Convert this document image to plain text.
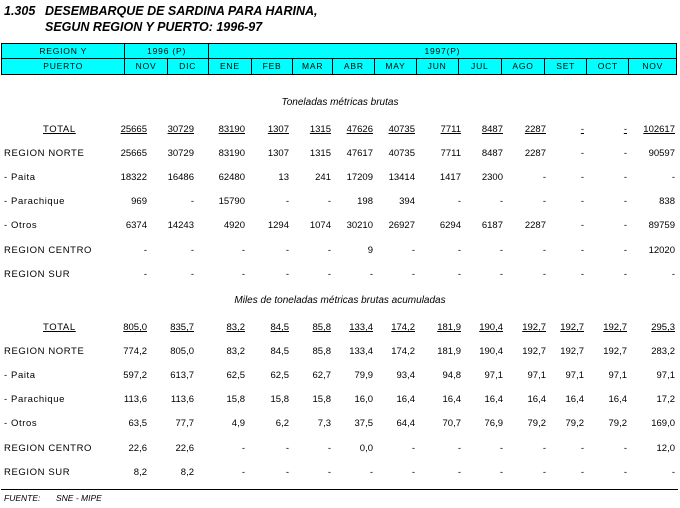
1.305 DESEMBARQUE DE SARDINA PARA HARINA,
SEGUN REGION Y PUERTO: 1996-97
REGION Y	1996 (P)		1997(P)										
PUERTO	NOV	DIC	ENE	FEB	MAR	ABR	MAY	JUN	JUL	AGO	SET	OCT	NOV
Toneladas métricas brutas
TOTAL	25665 30729	83190 1307 1315 47626 40735	7711 8487 2287	-	- 102617
REGION NORTE	25665 30729	83190 1307 1315 47617 40735	7711 8487 2287	-	- 90597
- Paita	18322 16486	62480	13	241 17209 13414	1417 2300	-	-	-	-
- Parachique	969	-	15790	-	-	198	394	-	-	-	-	-	838
- Otros	6374 14243	4920 1294 1074 30210 26927	6294 6187 2287	-	- 89759
REGION CENTRO	-	-	-	-	-	9	-	-	-	-	-	- 12020
REGION SUR	-	-	-	-	-	-	-	-	-	-	-	-	-
Miles de toneladas métricas brutas acumuladas
TOTAL	805,0 835,7	83,2	84,5 85,8 133,4 174,2 181,9 190,4 192,7 192,7 192,7	295,3
REGION NORTE	774,2 805,0	83,2	84,5 85,8 133,4 174,2 181,9 190,4 192,7 192,7 192,7	283,2
- Paita	597,2 613,7	62,5	62,5 62,7 79,9 93,4	94,8 97,1	97,1 97,1	97,1	97,1
- Parachique	113,6	113,6	15,8	15,8 15,8 16,0 16,4	16,4 16,4	16,4 16,4	16,4	17,2
- Otros	63,5	77,7	4,9	6,2	7,3 37,5 64,4	70,7 76,9	79,2 79,2	79,2	169,0
REGION CENTRO	22,6	22,6	-	-	-	0,0	-	-	-	-	-	-	12,0
REGION SUR	8,2	8,2	-	-	-	-	-	-	-	-	-	-	-
FUENTE: SNE - MIPE
